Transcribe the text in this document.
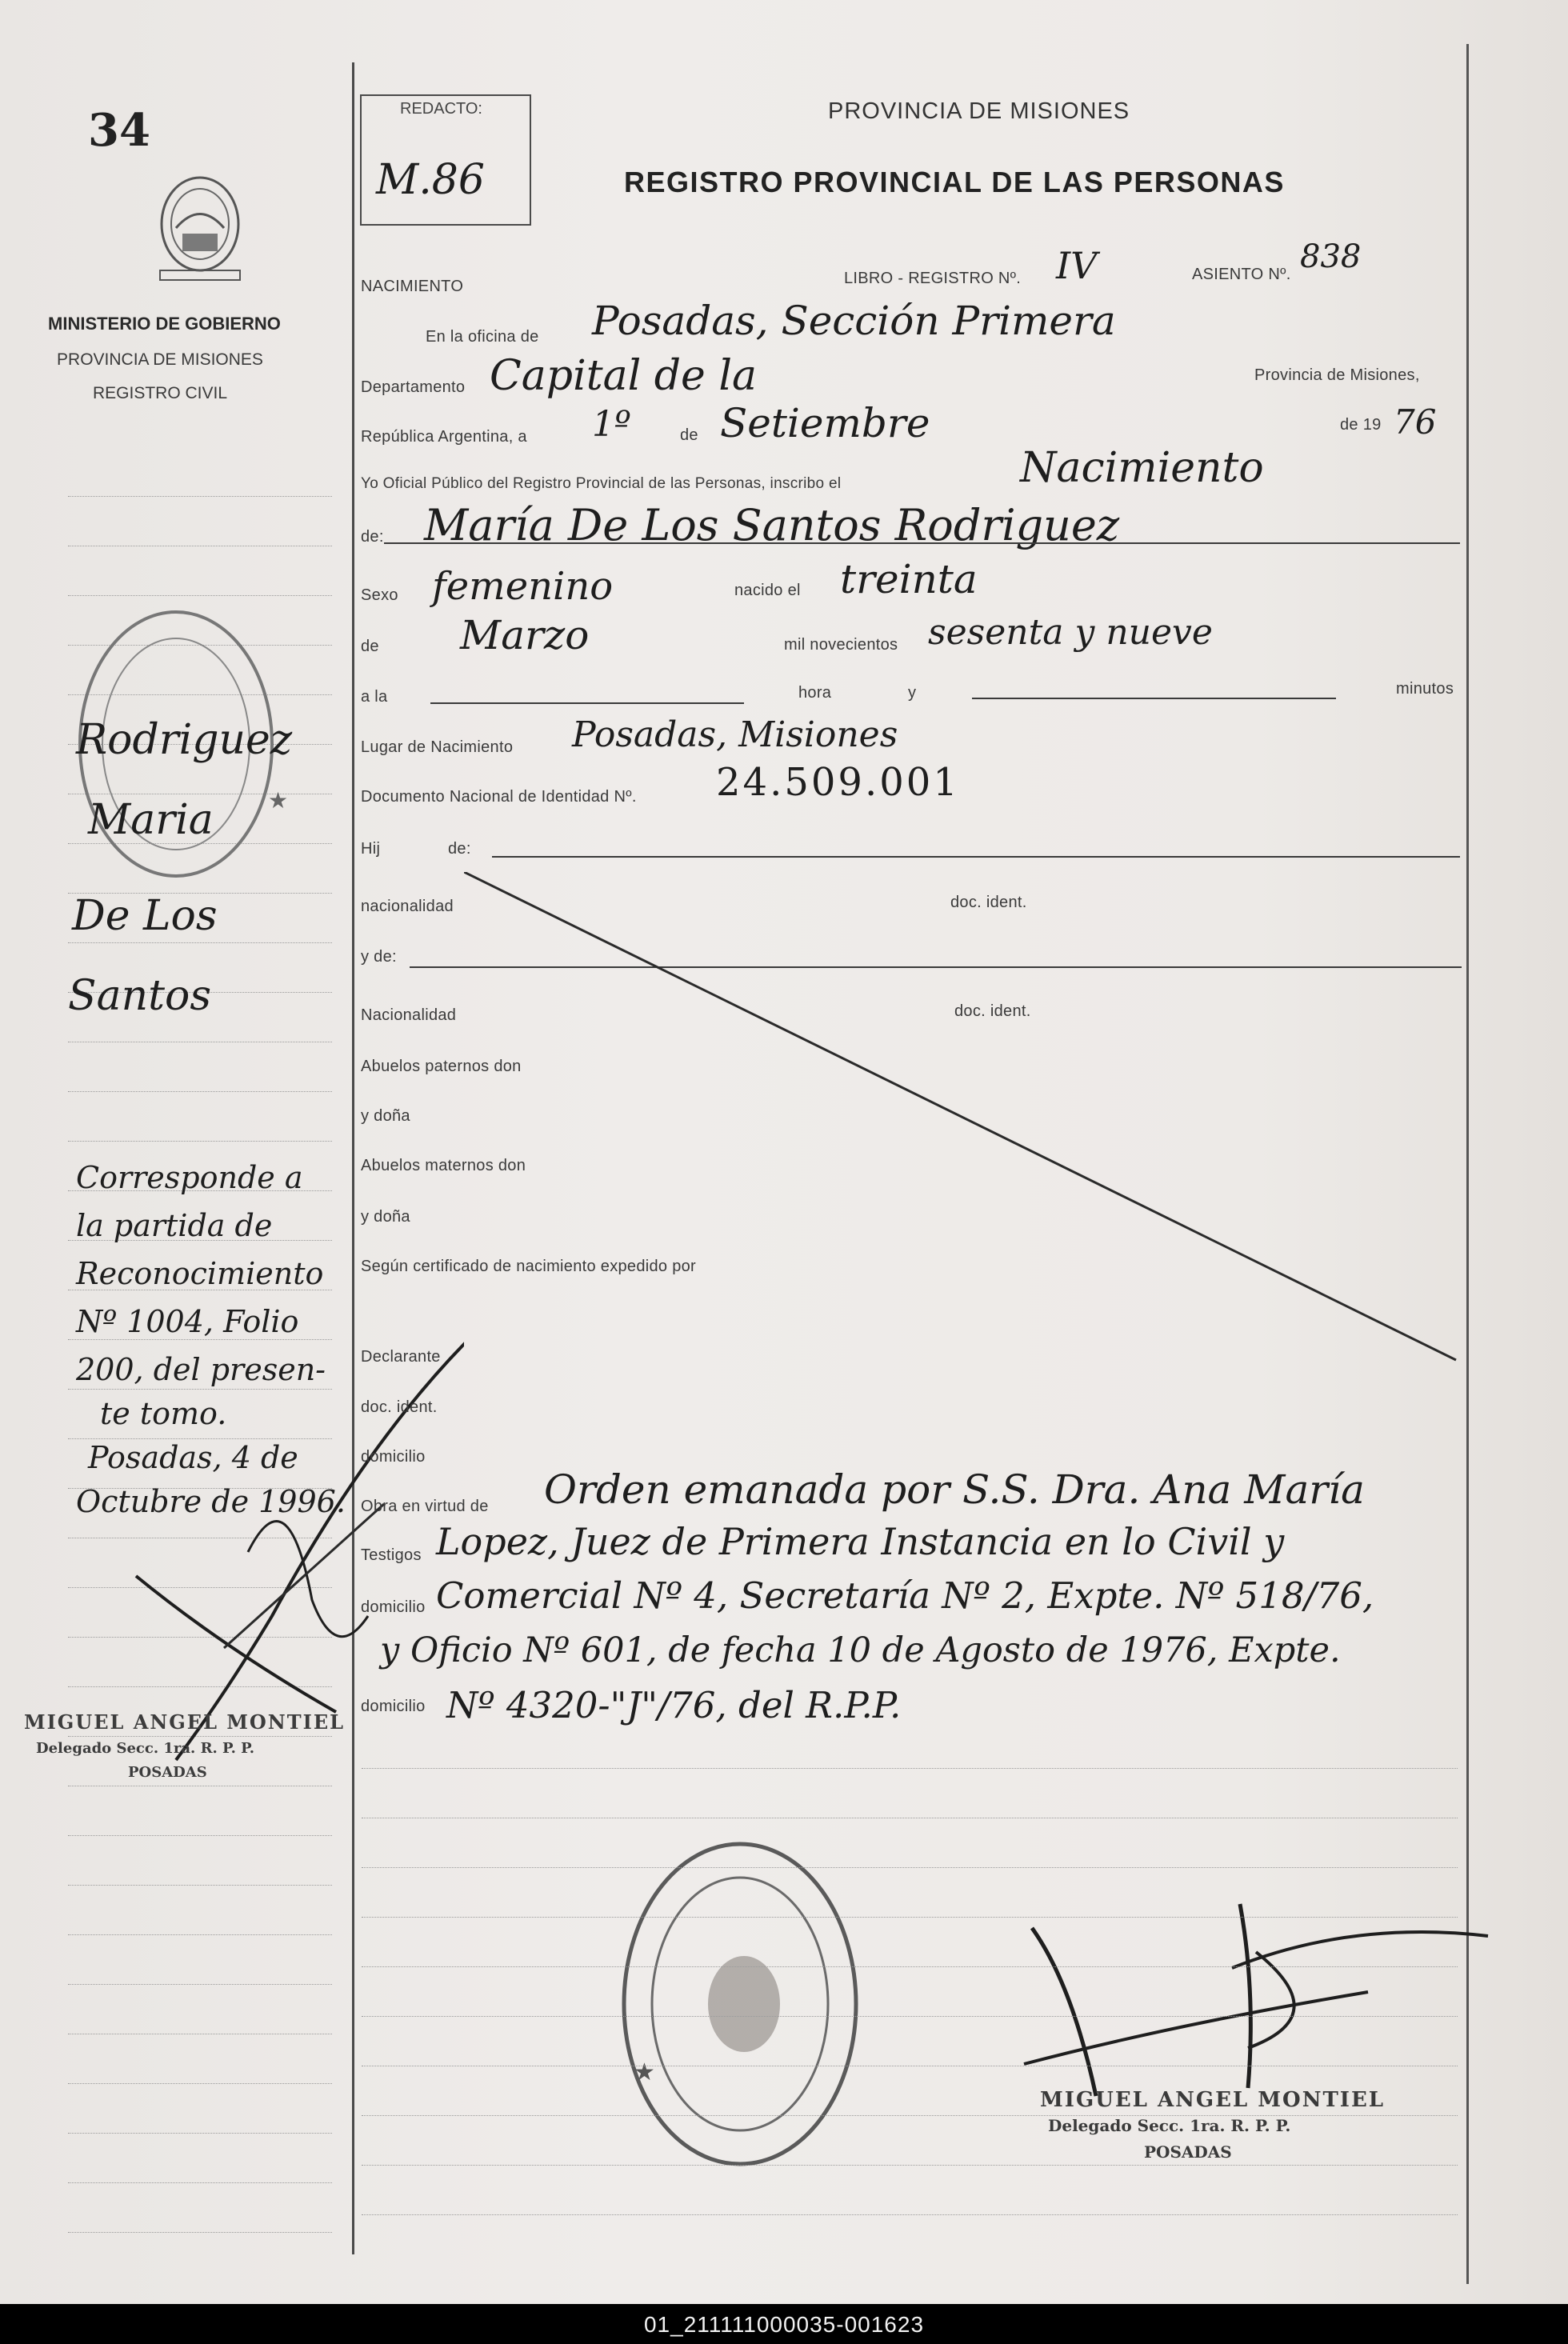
34
MINISTERIO DE GOBIERNO
PROVINCIA DE MISIONES
REGISTRO CIVIL
★
Rodriguez
Maria
De Los
Santos
Corresponde a
la partida de
Reconocimiento
Nº 1004, Folio
200, del presen-
te tomo.
Posadas, 4 de
Octubre de 1996.
MIGUEL ANGEL MONTIEL
Delegado Secc. 1ra. R. P. P.
POSADAS
REDACTO:
M.86
PROVINCIA DE MISIONES
REGISTRO PROVINCIAL DE LAS PERSONAS
NACIMIENTO	LIBRO - REGISTRO Nº. IV	ASIENTO Nº. 838
En la oficina de Posadas, Sección Primera
Departamento Capital de la	Provincia de Misiones,
República Argentina, a 1º	de Setiembre	de 19 76
Yo Oficial Público del Registro Provincial de las Personas, inscribo el	Nacimiento
de: María De Los Santos Rodriguez
Sexo femenino	nacido el treinta
de Marzo	mil novecientos sesenta y nueve
a la	hora	y	minutos
Lugar de Nacimiento Posadas, Misiones
Documento Nacional de Identidad Nº. 24.509.001
Hij	de:
nacionalidad	doc. ident.
y de:
Nacionalidad	doc. ident.
Abuelos paternos don
y doña
Abuelos maternos don
y doña
Según certificado de nacimiento expedido por
Declarante
doc. ident.
domicilio
Obra en virtud de
Testigos
domicilio
domicilio
Orden emanada por S.S. Dra. Ana María
Lopez, Juez de Primera Instancia en lo Civil y
Comercial Nº 4, Secretaría Nº 2, Expte. Nº 518/76,
y Oficio Nº 601, de fecha 10 de Agosto de 1976, Expte.
Nº 4320-"J"/76, del R.P.P.
★
MIGUEL ANGEL MONTIEL
Delegado Secc. 1ra. R. P. P.
POSADAS
01_211111000035-001623
